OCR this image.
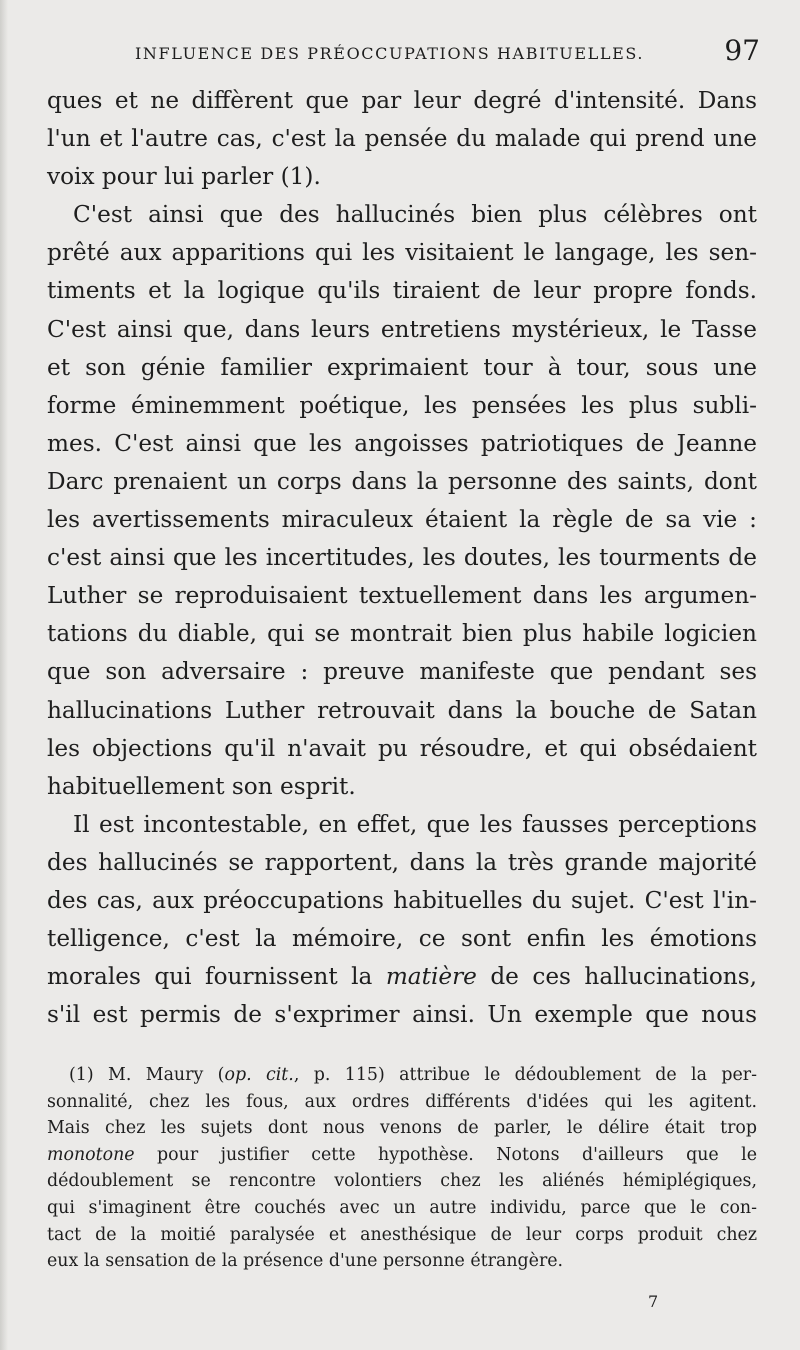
INFLUENCE DES PRÉOCCUPATIONS HABITUELLES.	97
ques et ne diffèrent que par leur degré d'intensité. Dans
l'un et l'autre cas, c'est la pensée du malade qui prend une
voix pour lui parler (1).
C'est ainsi que des hallucinés bien plus célèbres ont
prêté aux apparitions qui les visitaient le langage, les sen-
timents et la logique qu'ils tiraient de leur propre fonds.
C'est ainsi que, dans leurs entretiens mystérieux, le Tasse
et son génie familier exprimaient tour à tour, sous une
forme éminemment poétique, les pensées les plus subli-
mes. C'est ainsi que les angoisses patriotiques de Jeanne
Darc prenaient un corps dans la personne des saints, dont
les avertissements miraculeux étaient la règle de sa vie :
c'est ainsi que les incertitudes, les doutes, les tourments de
Luther se reproduisaient textuellement dans les argumen-
tations du diable, qui se montrait bien plus habile logicien
que son adversaire : preuve manifeste que pendant ses
hallucinations Luther retrouvait dans la bouche de Satan
les objections qu'il n'avait pu résoudre, et qui obsédaient
habituellement son esprit.
Il est incontestable, en effet, que les fausses perceptions
des hallucinés se rapportent, dans la très grande majorité
des cas, aux préoccupations habituelles du sujet. C'est l'in-
telligence, c'est la mémoire, ce sont enfin les émotions
morales qui fournissent la matière de ces hallucinations,
s'il est permis de s'exprimer ainsi. Un exemple que nous
(1) M. Maury (op. cit., p. 115) attribue le dédoublement de la per-
sonnalité, chez les fous, aux ordres différents d'idées qui les agitent.
Mais chez les sujets dont nous venons de parler, le délire était trop
monotone pour justifier cette hypothèse. Notons d'ailleurs que le
dédoublement se rencontre volontiers chez les aliénés hémiplégiques,
qui s'imaginent être couchés avec un autre individu, parce que le con-
tact de la moitié paralysée et anesthésique de leur corps produit chez
eux la sensation de la présence d'une personne étrangère.
7
